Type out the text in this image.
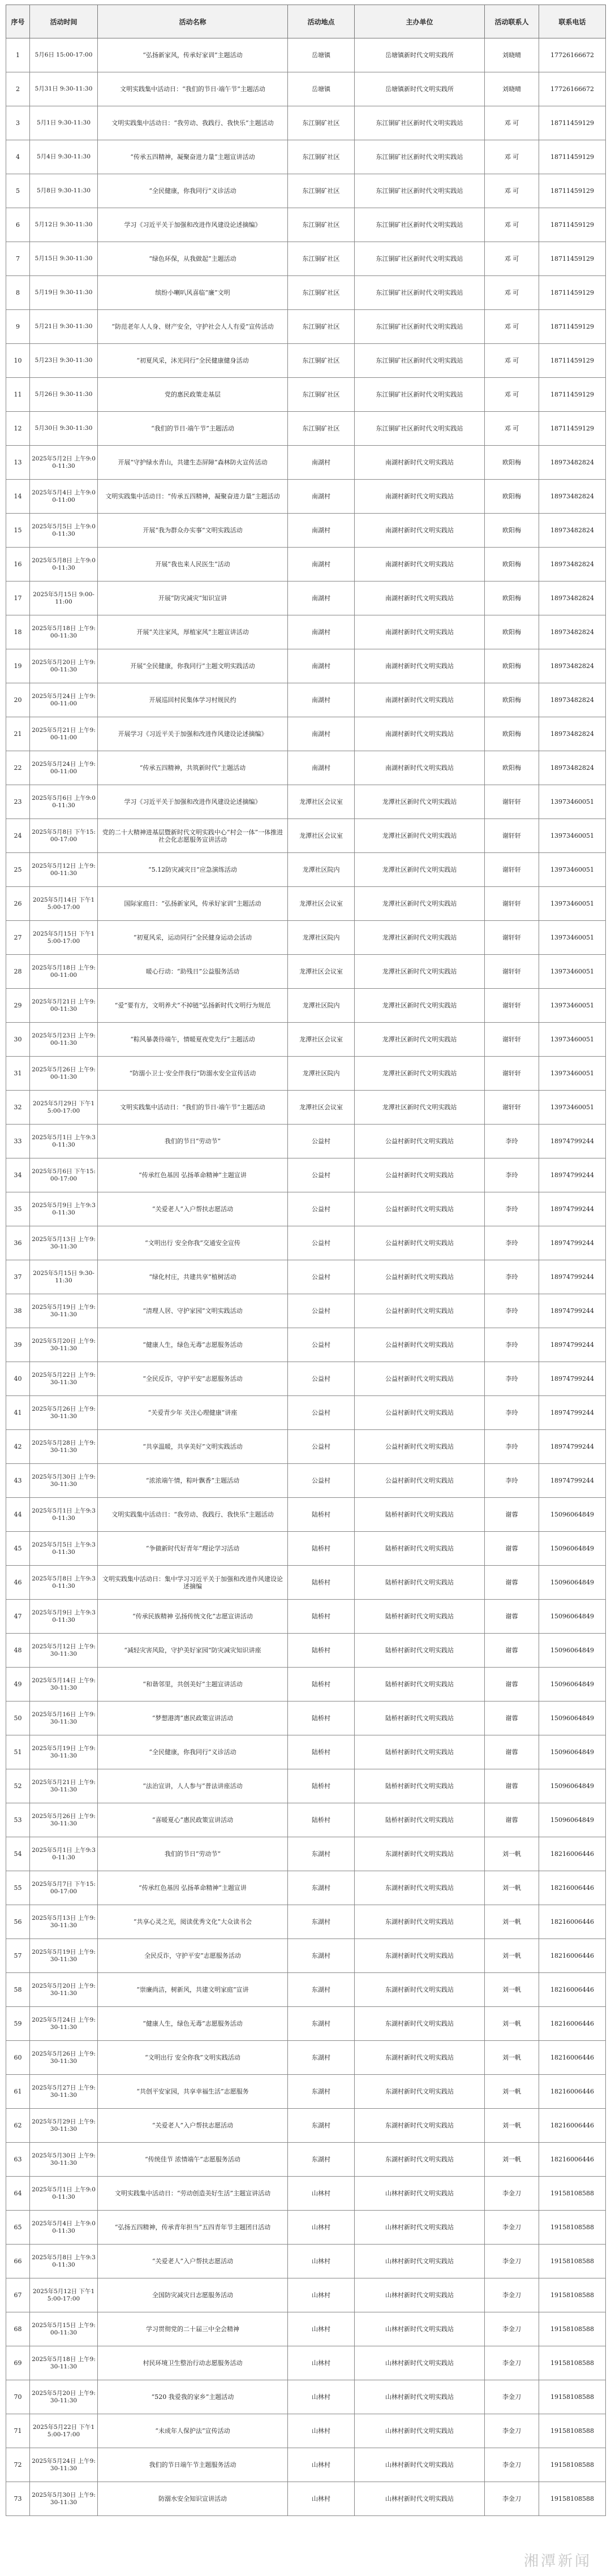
序号	活动时间	活动名称	活动地点	主办单位	活动联系人	联系电话
1	5月6日 15:00-17:00	“弘扬新家风，传承好家训”主题活动	岳塘镇	岳塘镇新时代文明实践所	刘晓晴	17726166672
2	5月31日 9:30-11:30	文明实践集中活动日：“我们的节日·端午节”主题活动	岳塘镇	岳塘镇新时代文明实践所	刘晓晴	17726166672
3	5月1日 9:30-11:30	文明实践集中活动日：“我劳动、我践行、我快乐”主题活动	东江铜矿社区	东江铜矿社区新时代文明实践站	邓 可	18711459129
4	5月4日 9:30-11:30	“传承五四精神，凝聚奋进力量”主题宣讲活动	东江铜矿社区	东江铜矿社区新时代文明实践站	邓 可	18711459129
5	5月8日 9:30-11:30	“全民健康，你我同行”义诊活动	东江铜矿社区	东江铜矿社区新时代文明实践站	邓 可	18711459129
6	5月12日 9:30-11:30	学习《习近平关于加强和改进作风建设论述摘编》	东江铜矿社区	东江铜矿社区新时代文明实践站	邓 可	18711459129
7	5月15日 9:30-11:30	“绿色环保，从我做起”主题活动	东江铜矿社区	东江铜矿社区新时代文明实践站	邓 可	18711459129
8	5月19日 9:30-11:30	缤纷小喇叭风喜临“廉”文明	东江铜矿社区	东江铜矿社区新时代文明实践站	邓 可	18711459129
9	5月21日 9:30-11:30	“防范老年人人身、财产安全，守护社会人人有爱”宣传活动	东江铜矿社区	东江铜矿社区新时代文明实践站	邓 可	18711459129
10	5月23日 9:30-11:30	“初夏风采，沐光同行”全民健康健身活动	东江铜矿社区	东江铜矿社区新时代文明实践站	邓 可	18711459129
11	5月26日 9:30-11:30	党的惠民政策走基层	东江铜矿社区	东江铜矿社区新时代文明实践站	邓 可	18711459129
12	5月30日 9:30-11:30	“我们的节日·端午节”主题活动	东江铜矿社区	东江铜矿社区新时代文明实践站	邓 可	18711459129
13	2025年5月2日 上午9:00-11:30	开展“守护绿水青山，共建生态屏障”森林防火宣传活动	南湖村	南湖村新时代文明实践站	欧阳梅	18973482824
14	2025年5月4日 上午9:00-11:00	文明实践集中活动日：“传承五四精神，凝聚奋进力量”主题活动	南湖村	南湖村新时代文明实践站	欧阳梅	18973482824
15	2025年5月5日 上午9:00-11:30	开展“我为群众办实事”文明实践活动	南湖村	南湖村新时代文明实践站	欧阳梅	18973482824
16	2025年5月8日 上午9:00-11:30	开展“我也来人民医生”活动	南湖村	南湖村新时代文明实践站	欧阳梅	18973482824
17	2025年5月15日 9:00-11:00	开展“防灾减灾”知识宣讲	南湖村	南湖村新时代文明实践站	欧阳梅	18973482824
18	2025年5月18日 上午9:00-11:30	开展“关注家风，厚植家风”主题宣讲活动	南湖村	南湖村新时代文明实践站	欧阳梅	18973482824
19	2025年5月20日 上午9:00-11:30	开展“全民健康，你我同行”主题文明实践活动	南湖村	南湖村新时代文明实践站	欧阳梅	18973482824
20	2025年5月24日 上午9:00-11:00	开展巡回村民集体学习村规民约	南湖村	南湖村新时代文明实践站	欧阳梅	18973482824
21	2025年5月21日 上午9:00-11:00	开展学习《习近平关于加强和改进作风建设论述摘编》	南湖村	南湖村新时代文明实践站	欧阳梅	18973482824
22	2025年5月24日 上午9:00-11:00	“传承五四精神，共筑新时代”主题活动	南湖村	南湖村新时代文明实践站	欧阳梅	18973482824
23	2025年5月6日 上午9:00-11:30	学习《习近平关于加强和改进作风建设论述摘编》	龙潭社区会议室	龙潭社区新时代文明实践站	谢轩轩	13973460051
24	2025年5月8日 下午15:00-17:00	党的二十大精神进基层暨新时代文明实践中心“村会一体”一体推进社会化志愿服务宣讲活动	龙潭社区会议室	龙潭社区新时代文明实践站	谢轩轩	13973460051
25	2025年5月12日 上午9:00-11:30	“5.12防灾减灾日”应急演练活动	龙潭社区院内	龙潭社区新时代文明实践站	谢轩轩	13973460051
26	2025年5月14日 下午15:00-17:00	国际家庭日：“弘扬新家风，传承好家训”主题活动	龙潭社区会议室	龙潭社区新时代文明实践站	谢轩轩	13973460051
27	2025年5月15日 下午15:00-17:00	“初夏风采，运动同行”全民健身运动会活动	龙潭社区院内	龙潭社区新时代文明实践站	谢轩轩	13973460051
28	2025年5月18日 上午9:00-11:00	暖心行动：“助残日”公益服务活动	龙潭社区会议室	龙潭社区新时代文明实践站	谢轩轩	13973460051
29	2025年5月21日 上午9:00-11:30	“爱”要有方，文明养犬“不掉链”弘扬新时代文明行为规范	龙潭社区院内	龙潭社区新时代文明实践站	谢轩轩	13973460051
30	2025年5月23日 上午9:00-11:30	“粽风暴袭待端午，情暖夏夜党先行”主题活动	龙潭社区会议室	龙潭社区新时代文明实践站	谢轩轩	13973460051
31	2025年5月26日 上午9:00-11:30	“防溺小卫士·安全伴我行”防溺水安全宣传活动	龙潭社区院内	龙潭社区新时代文明实践站	谢轩轩	13973460051
32	2025年5月29日 下午15:00-17:00	文明实践集中活动日：“我们的节日·端午节”主题活动	龙潭社区会议室	龙潭社区新时代文明实践站	谢轩轩	13973460051
33	2025年5月1日 上午9:30-11:30	我们的节日“劳动节”	公益村	公益村新时代文明实践站	李玲	18974799244
34	2025年5月6日 下午15:00-17:00	“传承红色基因 弘扬革命精神”主题宣讲	公益村	公益村新时代文明实践站	李玲	18974799244
35	2025年5月9日 上午9:30-11:30	“关爱老人”入户帮扶志愿活动	公益村	公益村新时代文明实践站	李玲	18974799244
36	2025年5月13日 上午9:30-11:30	“文明出行 安全你我”交通安全宣传	公益村	公益村新时代文明实践站	李玲	18974799244
37	2025年5月15日 9:30-11:30	“绿化村庄，共建共享”植树活动	公益村	公益村新时代文明实践站	李玲	18974799244
38	2025年5月19日 上午9:30-11:30	“清理人居、守护家园”文明实践活动	公益村	公益村新时代文明实践站	李玲	18974799244
39	2025年5月20日 上午9:30-11:30	“健康人生，绿色无毒”志愿服务活动	公益村	公益村新时代文明实践站	李玲	18974799244
40	2025年5月22日 上午9:30-11:30	“全民反诈，守护平安”志愿服务活动	公益村	公益村新时代文明实践站	李玲	18974799244
41	2025年5月26日 上午9:30-11:30	“关爱青少年 关注心理健康”讲座	公益村	公益村新时代文明实践站	李玲	18974799244
42	2025年5月28日 上午9:30-11:30	“共享温暖，共享美好”文明实践活动	公益村	公益村新时代文明实践站	李玲	18974799244
43	2025年5月30日 上午9:30-11:30	“浓浓端午情，粽叶飘香”主题活动	公益村	公益村新时代文明实践站	李玲	18974799244
44	2025年5月1日 上午9:30-11:30	文明实践集中活动日：“我劳动、我践行、我快乐”主题活动	陆桥村	陆桥村新时代文明实践站	谢蓉	15096064849
45	2025年5月5日 上午9:30-11:30	“争做新时代好青年”理论学习活动	陆桥村	陆桥村新时代文明实践站	谢蓉	15096064849
46	2025年5月8日 上午9:30-11:30	文明实践集中活动日：集中学习习近平关于加强和改进作风建设论述摘编	陆桥村	陆桥村新时代文明实践站	谢蓉	15096064849
47	2025年5月9日 上午9:30-11:30	“传承民族精神 弘扬传统文化”志愿宣讲活动	陆桥村	陆桥村新时代文明实践站	谢蓉	15096064849
48	2025年5月12日 上午9:30-11:30	“减轻灾害风险，守护美好家园”防灾减灾知识讲座	陆桥村	陆桥村新时代文明实践站	谢蓉	15096064849
49	2025年5月14日 上午9:30-11:30	“和谐邻里，共创美好”主题宣讲活动	陆桥村	陆桥村新时代文明实践站	谢蓉	15096064849
50	2025年5月16日 上午9:30-11:30	“梦想港湾”惠民政策宣讲活动	陆桥村	陆桥村新时代文明实践站	谢蓉	15096064849
51	2025年5月19日 上午9:30-11:30	“全民健康，你我同行”义诊活动	陆桥村	陆桥村新时代文明实践站	谢蓉	15096064849
52	2025年5月21日 上午9:30-11:30	“法治宣讲，人人参与”普法讲座活动	陆桥村	陆桥村新时代文明实践站	谢蓉	15096064849
53	2025年5月26日 上午9:30-11:30	“喜暖夏心”惠民政策宣讲活动	陆桥村	陆桥村新时代文明实践站	谢蓉	15096064849
54	2025年5月1日 上午9:30-11:30	我们的节日“劳动节”	东湖村	东湖村新时代文明实践站	刘一帆	18216006446
55	2025年5月7日 下午15:00-17:00	“传承红色基因 弘扬革命精神”主题宣讲	东湖村	东湖村新时代文明实践站	刘一帆	18216006446
56	2025年5月13日 上午9:30-11:30	“共享心灵之光，阅读优秀文化”大众读书会	东湖村	东湖村新时代文明实践站	刘一帆	18216006446
57	2025年5月19日 上午9:30-11:30	全民反诈，守护平安”志愿服务活动	东湖村	东湖村新时代文明实践站	刘一帆	18216006446
58	2025年5月20日 上午9:30-11:30	“崇廉尚洁，树新风，共建文明家庭”宣讲	东湖村	东湖村新时代文明实践站	刘一帆	18216006446
59	2025年5月24日 上午9:30-11:30	“健康人生，绿色无毒”志愿服务活动	东湖村	东湖村新时代文明实践站	刘一帆	18216006446
60	2025年5月26日 上午9:30-11:30	“文明出行 安全你我”文明实践活动	东湖村	东湖村新时代文明实践站	刘一帆	18216006446
61	2025年5月27日 上午9:30-11:30	“共创平安家园，共享幸福生活”志愿服务	东湖村	东湖村新时代文明实践站	刘一帆	18216006446
62	2025年5月29日 上午9:30-11:30	“关爱老人”入户帮扶志愿活动	东湖村	东湖村新时代文明实践站	刘一帆	18216006446
63	2025年5月30日 上午9:30-11:30	“传统佳节 浓情端午”志愿服务活动	东湖村	东湖村新时代文明实践站	刘一帆	18216006446
64	2025年5月1日 上午9:00-11:30	文明实践集中活动日：“劳动创造美好生活”主题宣讲活动	山林村	山林村新时代文明实践站	李金刀	19158108588
65	2025年5月4日 上午9:00-11:30	“弘扬五四精神，传承青年担当”五四青年节主题团日活动	山林村	山林村新时代文明实践站	李金刀	19158108588
66	2025年5月8日 上午9:30-11:30	“关爱老人”入户帮扶志愿活动	山林村	山林村新时代文明实践站	李金刀	19158108588
67	2025年5月12日 下午15:00-17:00	全国防灾减灾日志愿服务活动	山林村	山林村新时代文明实践站	李金刀	19158108588
68	2025年5月15日 上午9:00-11:30	学习贯彻党的二十届三中全会精神	山林村	山林村新时代文明实践站	李金刀	19158108588
69	2025年5月18日 上午9:30-11:30	村民环境卫生整治行动志愿服务活动	山林村	山林村新时代文明实践站	李金刀	19158108588
70	2025年5月20日 上午9:30-11:30	“520 我爱我的家乡”主题活动	山林村	山林村新时代文明实践站	李金刀	19158108588
71	2025年5月22日 下午15:00-17:00	“未成年人保护法”宣传活动	山林村	山林村新时代文明实践站	李金刀	19158108588
72	2025年5月24日 上午9:30-11:30	我们的节日端午节主题服务活动	山林村	山林村新时代文明实践站	李金刀	19158108588
73	2025年5月30日 上午9:30-11:30	防溺水安全知识宣讲活动	山林村	山林村新时代文明实践站	李金刀	19158108588
湘潭新闻
